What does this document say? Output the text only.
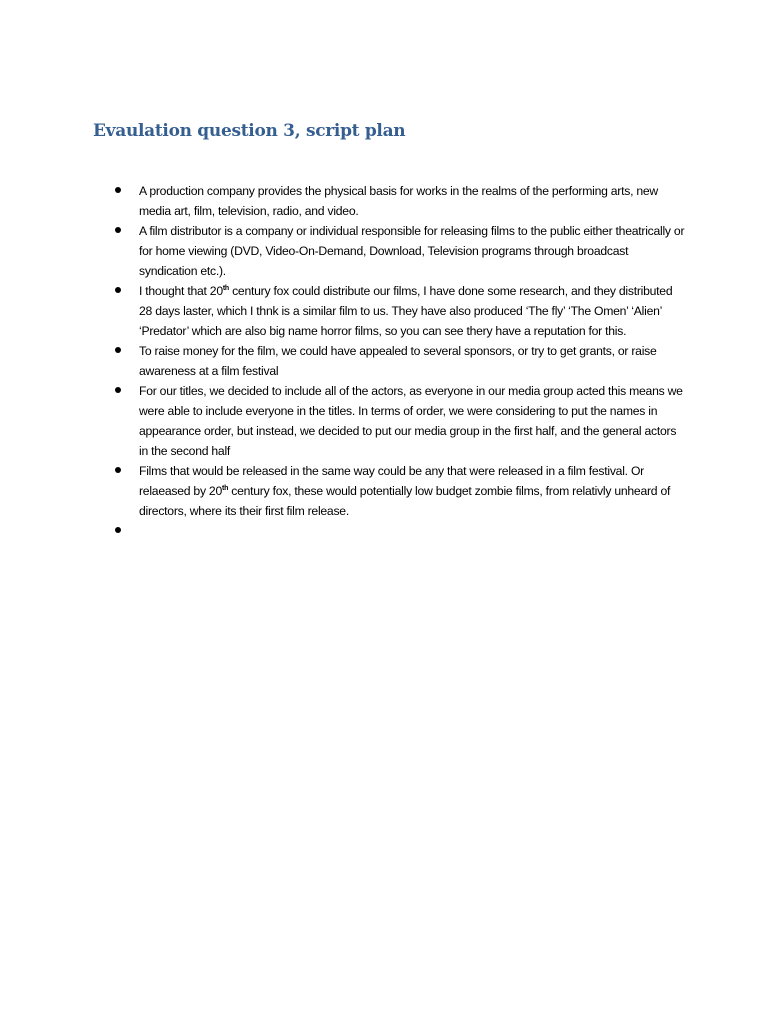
Evaulation question 3, script plan
A production company provides the physical basis for works in the realms of the performing arts, new media art, film, television, radio, and video.
A film distributor is a company or individual responsible for releasing films to the public either theatrically or for home viewing (DVD, Video-On-Demand, Download, Television programs through broadcast syndication etc.).
I thought that 20th century fox could distribute our films, I have done some research, and they distributed 28 days laster, which I thnk is a similar film to us. They have also produced ‘The fly’ ‘The Omen’ ‘Alien’ ‘Predator’ which are also big name horror films, so you can see thery have a reputation for this.
To raise money for the film, we could have appealed to several sponsors, or try to get grants, or raise awareness at a film festival
For our titles, we decided to include all of the actors, as everyone in our media group acted this means we were able to include everyone in the titles. In terms of order, we were considering to put the names in appearance order, but instead, we decided to put our media group in the first half, and the general actors in the second half
Films that would be released in the same way could be any that were released in a film festival. Or relaeased by 20th century fox, these would potentially low budget zombie films, from relativly unheard of directors, where its their first film release.
